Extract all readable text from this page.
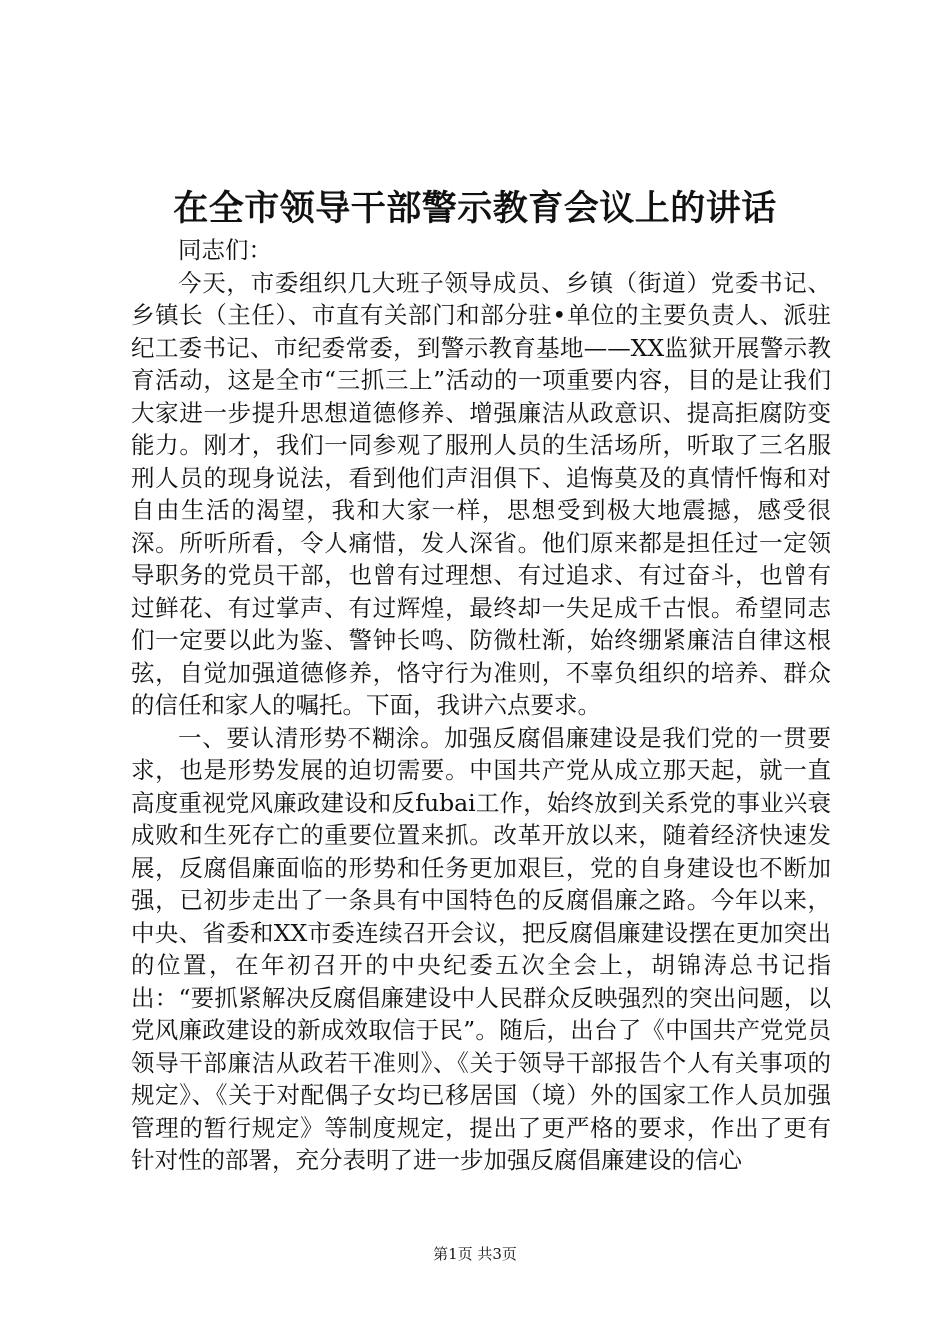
在全市领导干部警示教育会议上的讲话

同志们：

今天，市委组织几大班子领导成员、乡镇（街道）党委书记、乡镇长（主任）、市直有关部门和部分驻•单位的主要负责人、派驻纪工委书记、市纪委常委，到警示教育基地——XX监狱开展警示教育活动，这是全市“三抓三上”活动的一项重要内容，目的是让我们大家进一步提升思想道德修养、增强廉洁从政意识、提高拒腐防变能力。刚才，我们一同参观了服刑人员的生活场所，听取了三名服刑人员的现身说法，看到他们声泪俱下、追悔莫及的真情忏悔和对自由生活的渴望，我和大家一样，思想受到极大地震撼，感受很深。所听所看，令人痛惜，发人深省。他们原来都是担任过一定领导职务的党员干部，也曾有过理想、有过追求、有过奋斗，也曾有过鲜花、有过掌声、有过辉煌，最终却一失足成千古恨。希望同志们一定要以此为鉴、警钟长鸣、防微杜渐，始终绷紧廉洁自律这根弦，自觉加强道德修养，恪守行为准则，不辜负组织的培养、群众的信任和家人的嘱托。下面，我讲六点要求。

一、要认清形势不糊涂。加强反腐倡廉建设是我们党的一贯要求，也是形势发展的迫切需要。中国共产党从成立那天起，就一直高度重视党风廉政建设和反fubai工作，始终放到关系党的事业兴衰成败和生死存亡的重要位置来抓。改革开放以来，随着经济快速发展，反腐倡廉面临的形势和任务更加艰巨，党的自身建设也不断加强，已初步走出了一条具有中国特色的反腐倡廉之路。今年以来，中央、省委和XX市委连续召开会议，把反腐倡廉建设摆在更加突出的位置，在年初召开的中央纪委五次全会上，胡锦涛总书记指出：“要抓紧解决反腐倡廉建设中人民群众反映强烈的突出问题，以党风廉政建设的新成效取信于民”。随后，出台了《中国共产党党员领导干部廉洁从政若干准则》、《关于领导干部报告个人有关事项的规定》、《关于对配偶子女均已移居国（境）外的国家工作人员加强管理的暂行规定》等制度规定，提出了更严格的要求，作出了更有针对性的部署，充分表明了进一步加强反腐倡廉建设的信心

第1页 共3页
